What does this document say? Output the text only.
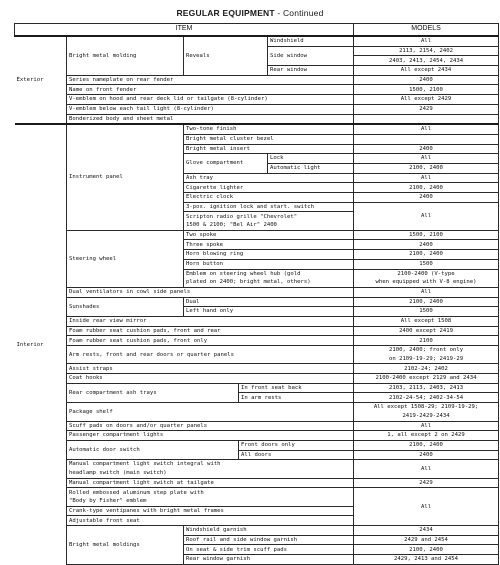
REGULAR EQUIPMENT - Continued
ITEM					MODELS
Exterior	Bright metal molding	Reveals		Windshield	All
				Side window	2113, 2154, 2402
					2403, 2413, 2454, 2434
				Rear window	All except 2434
	Series nameplate on rear fender				2400
	Name on front fender				1500, 2100
	V-emblem on hood and rear deck lid or tailgate (8-cylinder)				All except 2429
	V-emblem below each tail light (8-cylinder)				2429
	Bonderized body and sheet metal				
Interior	Instrument panel	Two-tone finish			All
		Bright metal cluster bezel			
		Bright metal insert			2400
		Glove compartment		Lock	All
				Automatic light	2100, 2400
		Ash tray			All
		Cigarette lighter			2100, 2400
		Electric clock			2400
		3-pos. ignition lock and start. switch			All
		Scripton radio grille "Chevrolet"			
		1500 & 2100; "Bel Air" 2400			
	Steering wheel	Two spoke			1500, 2100
		Three spoke			2400
		Horn blowing ring			2100, 2400
		Horn button			1500
		Emblem on steering wheel hub (gold			2100-2400 (V-type
		plated on 2400; bright metal, others)			when equipped with V-8 engine)
	Dual ventilators in cowl side panels				All
	Sunshades	Dual			2100, 2400
		Left hand only			1500
	Inside rear view mirror				All except 1508
	Foam rubber seat cushion pads, front and rear				2400 except 2419
	Foam rubber seat cushion pads, front only				2100
	Arm rests, front and rear doors or quarter panels				2100, 2400; front only
					on 2109-19-29; 2419-29
	Assist straps				2102-24; 2402
	Coat hooks				2100-2400 except 2129 and 2434
	Rear compartment ash trays		In front seat back		2103, 2113, 2403, 2413
			In arm rests		2102-24-54; 2402-34-54
	Package shelf				All except 1508-29; 2109-19-29;
					2419-2429-2434
	Scuff pads on doors and/or quarter panels				All
	Passenger compartment lights				1, all except 2 on 2429
	Automatic door switch		Front doors only		2100, 2400
			All doors		2400
	Manual compartment light switch integral with				All
	headlamp switch (main switch)				
	Manual compartment light switch at tailgate				2429
	Rolled embossed aluminum step plate with				All
	"Body by Fisher" emblem				
	Crank-type ventipanes with bright metal frames				
	Adjustable front seat				
	Bright metal moldings	Windshield garnish			2434
		Roof rail and side window garnish			2429 and 2454
		On seat & side trim scuff pads			2100, 2400
		Rear window garnish			2429, 2413 and 2454
